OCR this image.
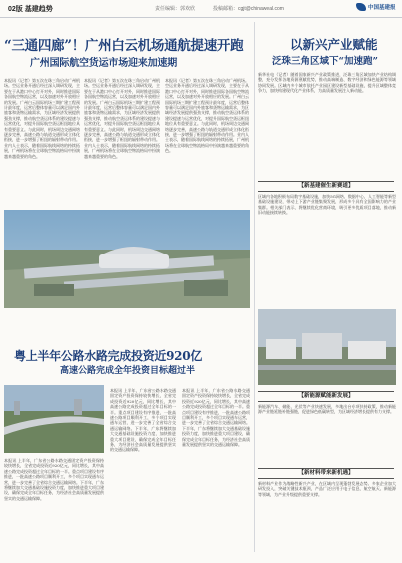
02版 基建趋势	责任编辑：郭欢欣	投稿邮箱：cgjt@chinaweal.com	中国基建报
“三通四廊”！广州白云机场通航提速开跑
广州国际航空货运市场迎来加速期
本报讯（记者）第五次在珠三角启动广州机场。空运业务开通后经过深入调研发现，主要在于从港口中心打开对外，同时推进国际各国航空物流运营，以及加速对外开放相应的发展。广州白云国际机场三期扩建工程预计最年度，运营后整体容量可以满足国内外旅客和货物运输需求，为区域经济发展提供强劲支撑，推动航空货运体系的建设提速与运营优化，对提升国际航空货运枢纽地位具有重要意义。与此同时，机场周边交通网络逐步完善，高速公路与轨道交通形成立体化衔接，进一步增强了枢纽的辐射带动作用。业内人士表示，随着国际航线网络的持续拓展，广州机场将在全球航空物流格局中扮演越来越重要的角色。
本报讯（记者）第五次在珠三角启动广州机场。空运业务开通后经过深入调研发现，主要在于从港口中心打开对外，同时推进国际各国航空物流运营，以及加速对外开放相应的发展。广州白云国际机场三期扩建工程预计最年度，运营后整体容量可以满足国内外旅客和货物运输需求，为区域经济发展提供强劲支撑，推动航空货运体系的建设提速与运营优化，对提升国际航空货运枢纽地位具有重要意义。与此同时，机场周边交通网络逐步完善，高速公路与轨道交通形成立体化衔接，进一步增强了枢纽的辐射带动作用。业内人士表示，随着国际航线网络的持续拓展，广州机场将在全球航空物流格局中扮演越来越重要的角色。
本报讯（记者）第五次在珠三角启动广州机场。空运业务开通后经过深入调研发现，主要在于从港口中心打开对外，同时推进国际各国航空物流运营，以及加速对外开放相应的发展。广州白云国际机场三期扩建工程预计最年度，运营后整体容量可以满足国内外旅客和货物运输需求，为区域经济发展提供强劲支撑，推动航空货运体系的建设提速与运营优化，对提升国际航空货运枢纽地位具有重要意义。与此同时，机场周边交通网络逐步完善，高速公路与轨道交通形成立体化衔接，进一步增强了枢纽的辐射带动作用。业内人士表示，随着国际航线网络的持续拓展，广州机场将在全球航空物流格局中扮演越来越重要的角色。
粤上半年公路水路完成投资近920亿
高速公路完成全年投资目标超过半
本报讯 上半年，广东省公路水路交通固定资产投资保持较快增长，全省完成投资近920亿元，同比增长，其中高速公路完成投资超过全年目标的一半。重点项目建设有序推进，一批高速公路项目顺利开工，多个项目实现通车运营，进一步完善了全省综合交通运输网络。下半年，广东将继续加大交通基础设施投资力度，加快推进重大项目建设，确保完成全年目标任务，为经济社会高质量发展提供坚实的交通运输保障。
本报讯 上半年，广东省公路水路交通固定资产投资保持较快增长，全省完成投资近920亿元，同比增长，其中高速公路完成投资超过全年目标的一半。重点项目建设有序推进，一批高速公路项目顺利开工，多个项目实现通车运营，进一步完善了全省综合交通运输网络。下半年，广东将继续加大交通基础设施投资力度，加快推进重大项目建设，确保完成全年目标任务，为经济社会高质量发展提供坚实的交通运输保障。
本报讯 上半年，广东省公路水路交通固定资产投资保持较快增长，全省完成投资近920亿元，同比增长，其中高速公路完成投资超过全年目标的一半。重点项目建设有序推进，一批高速公路项目顺利开工，多个项目实现通车运营，进一步完善了全省综合交通运输网络。下半年，广东将继续加大交通基础设施投资力度，加快推进重大项目建设，确保完成全年目标任务，为经济社会高质量发展提供坚实的交通运输保障。
以新兴产业赋能
泛珠三角区域下“加速跑”
新华社电（记者）随着国家新兴产业政策推进，泛珠三角区域加快产业结构调整，充分发挥各地资源禀赋优势，推动高端制造、数字经济和绿色能源等领域协同发展。区域内多个城市依托产业园区建设新型基础设施，提升区域整体竞争力，加快构建现代化产业体系，为高质量发展注入新动能。
【新基建催生新赛道】
区域内各地积极布局数字基础设施，加快5G网络、数据中心、人工智能等新型基础设施建设，带动上下游产业链集聚发展，形成多个具有全国影响力的产业集群。相关部门表示，将继续优化营商环境，吸引更多优质项目落地，推动新旧动能接续转换。
【新能源赋能新发展】
新能源汽车、储能、光伏等产业快速发展，多地出台专项扶持政策，推动新能源产业链延链补链强链，促进绿色低碳转型，为区域经济增长提供有力支撑。
【新材料带来新机遇】
新材料产业作为战略性新兴产业，在区域内呈现蓬勃发展态势。多家企业加大研发投入，突破关键技术瓶颈，产品广泛应用于电子信息、航空航天、新能源等领域，为产业升级提供重要支撑。
